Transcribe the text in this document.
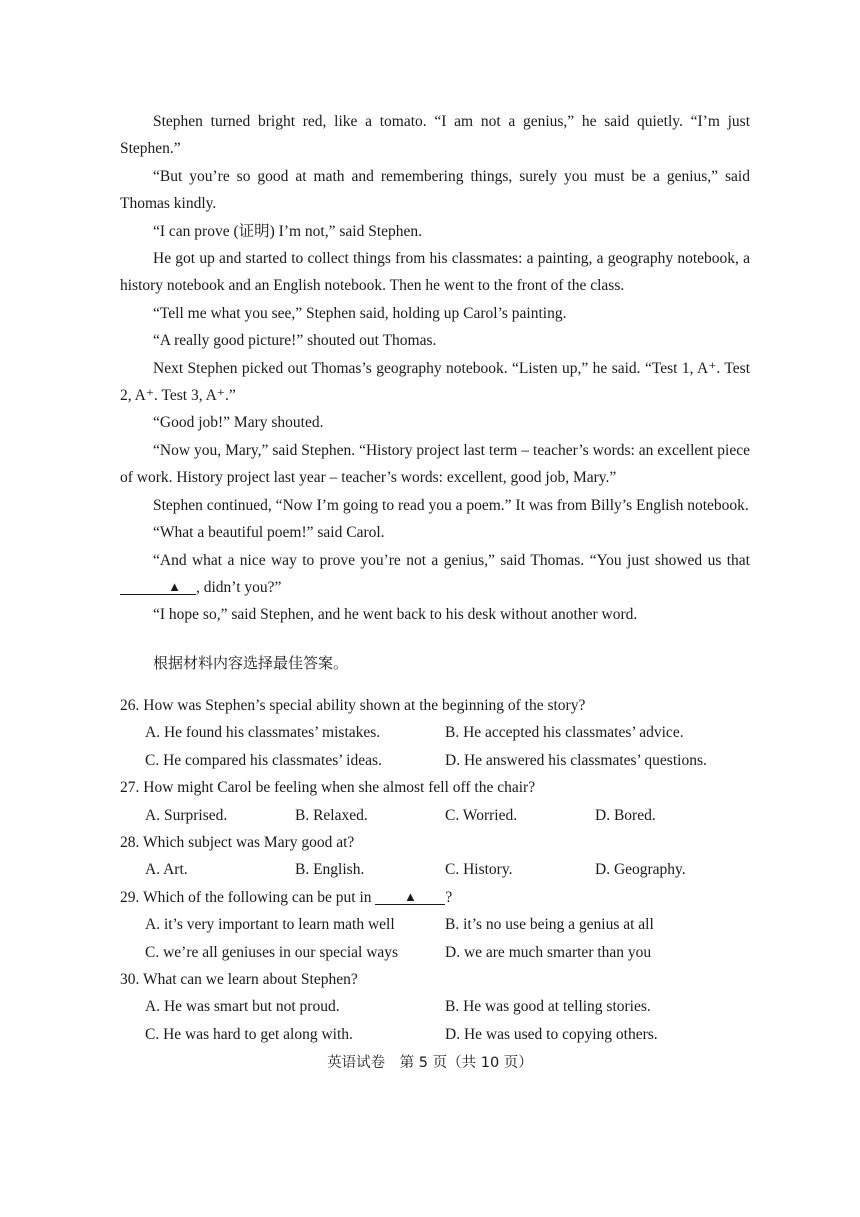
Stephen turned bright red, like a tomato. “I am not a genius,” he said quietly. “I’m just Stephen.”

“But you’re so good at math and remembering things, surely you must be a genius,” said Thomas kindly.

“I can prove (证明) I’m not,” said Stephen.

He got up and started to collect things from his classmates: a painting, a geography notebook, a history notebook and an English notebook. Then he went to the front of the class.

“Tell me what you see,” Stephen said, holding up Carol’s painting.

“A really good picture!” shouted out Thomas.

Next Stephen picked out Thomas’s geography notebook. “Listen up,” he said. “Test 1, A⁺. Test 2, A⁺. Test 3, A⁺.”

“Good job!” Mary shouted.

“Now you, Mary,” said Stephen. “History project last term – teacher’s words: an excellent piece of work. History project last year – teacher’s words: excellent, good job, Mary.”

Stephen continued, “Now I’m going to read you a poem.” It was from Billy’s English notebook.

“What a beautiful poem!” said Carol.

“And what a nice way to prove you’re not a genius,” said Thomas. “You just showed us that ▲ , didn’t you?”

“I hope so,” said Stephen, and he went back to his desk without another word.

根据材料内容选择最佳答案。
26. How was Stephen’s special ability shown at the beginning of the story?
A. He found his classmates’ mistakes.	B. He accepted his classmates’ advice.
C. He compared his classmates’ ideas.	D. He answered his classmates’ questions.
27. How might Carol be feeling when she almost fell off the chair?
A. Surprised.	B. Relaxed.	C. Worried.	D. Bored.
28. Which subject was Mary good at?
A. Art.	B. English.	C. History.	D. Geography.
29. Which of the following can be put in ▲ ?
A. it’s very important to learn math well	B. it’s no use being a genius at all
C. we’re all geniuses in our special ways	D. we are much smarter than you
30. What can we learn about Stephen?
A. He was smart but not proud.	B. He was good at telling stories.
C. He was hard to get along with.	D. He was used to copying others.
英语试卷　第 5 页（共 10 页）
